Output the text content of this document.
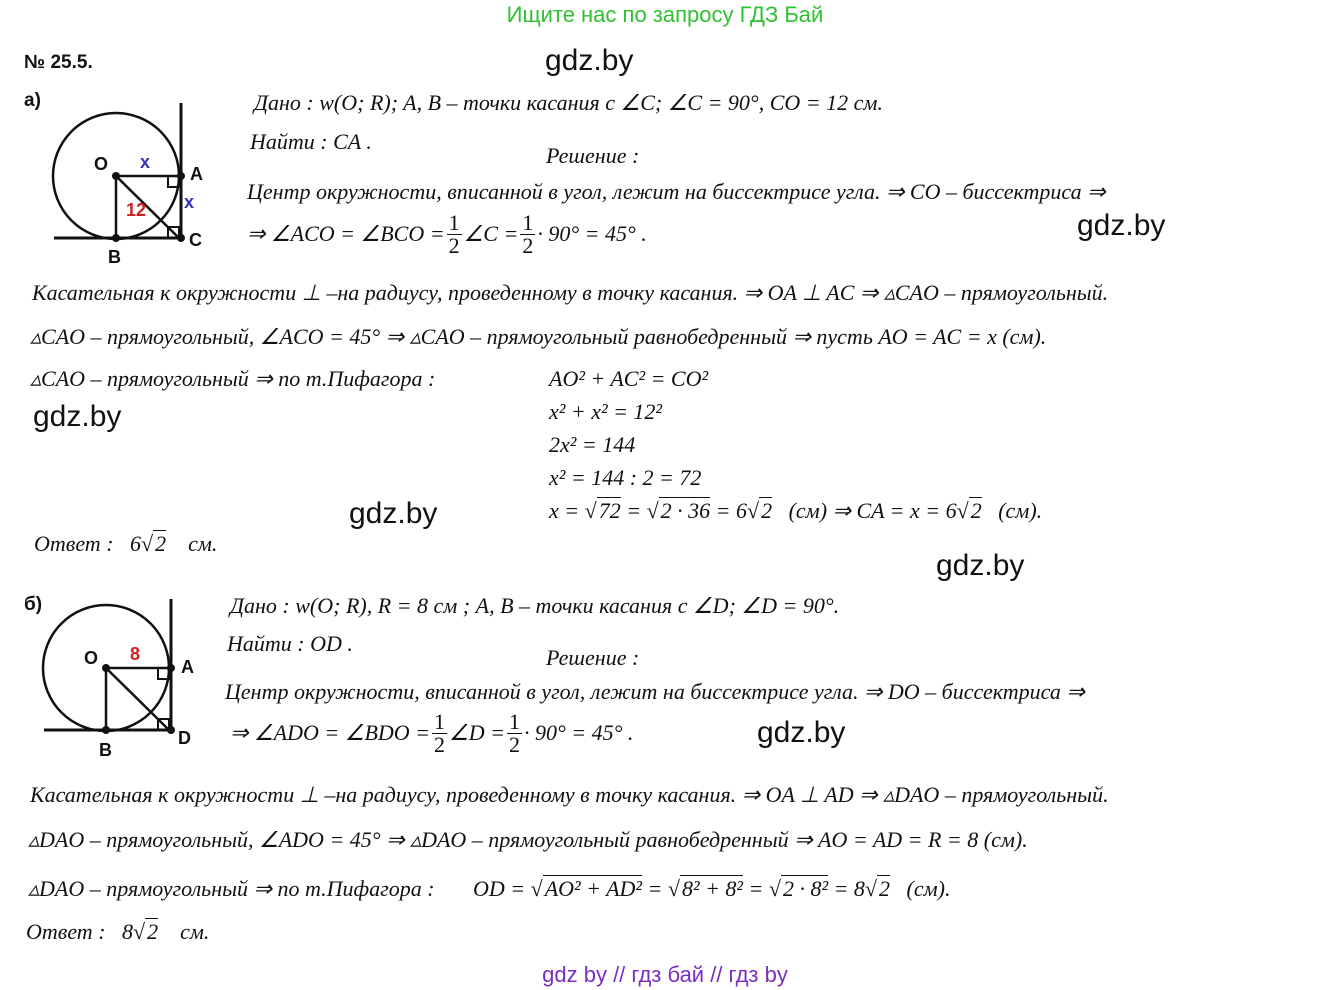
Ищите нас по запросу ГДЗ Бай
№ 25.5.	gdz.by
gdz.by
gdz.by
gdz.by
gdz.by
gdz.by
а)
O	A
B
C
x
x
12
Дано : w(O; R); A, B – точки касания с ∠C; ∠C = 90°, CO = 12 см.
Найти : CA .
Решение :
Центр окружности, вписанной в угол, лежит на биссектрисе угла. ⇒ CO – биссектриса ⇒
⇒ ∠ACO = ∠BCO = $\frac{1}{2}$ ∠C = $\frac{1}{2} \cdot 90^\circ = 45^\circ$ .
Касательная к окружности ⊥ –на радиусу, проведенному в точку касания. ⇒ OA ⊥ AC ⇒ ▵CAO – прямоугольный.
▵CAO – прямоугольный, ∠ACO = 45° ⇒ ▵CAO – прямоугольный равнобедренный ⇒ пусть AO = AC = x (см).
▵CAO – прямоугольный ⇒ по т.Пифагора :	AO² + AC² = CO²
x² + x² = 12²
2x² = 144
x² = 144 : 2 = 72
x = √72 = √2 · 36 = 6√2 (см) ⇒ CA = x = 6√2 (см).
Ответ : 6√2 см.
б)
O	A
B
D
8
Дано : w(O; R), R = 8 см ; A, B – точки касания с ∠D; ∠D = 90°.
Найти : OD .
Решение :
Центр окружности, вписанной в угол, лежит на биссектрисе угла. ⇒ DO – биссектриса ⇒
⇒ ∠ADO = ∠BDO = $\frac{1}{2}$ ∠D = $\frac{1}{2} \cdot 90^\circ = 45^\circ$ .
Касательная к окружности ⊥ –на радиусу, проведенному в точку касания. ⇒ OA ⊥ AD ⇒ ▵DAO – прямоугольный.
▵DAO – прямоугольный, ∠ADO = 45° ⇒ ▵DAO – прямоугольный равнобедренный ⇒ AO = AD = R = 8 (см).
▵DAO – прямоугольный ⇒ по т.Пифагора : OD = √AO² + AD² = √8² + 8² = √2 · 8² = 8√2 (см).
Ответ : 8√2 см.
gdz by // гдз бай // гдз by
